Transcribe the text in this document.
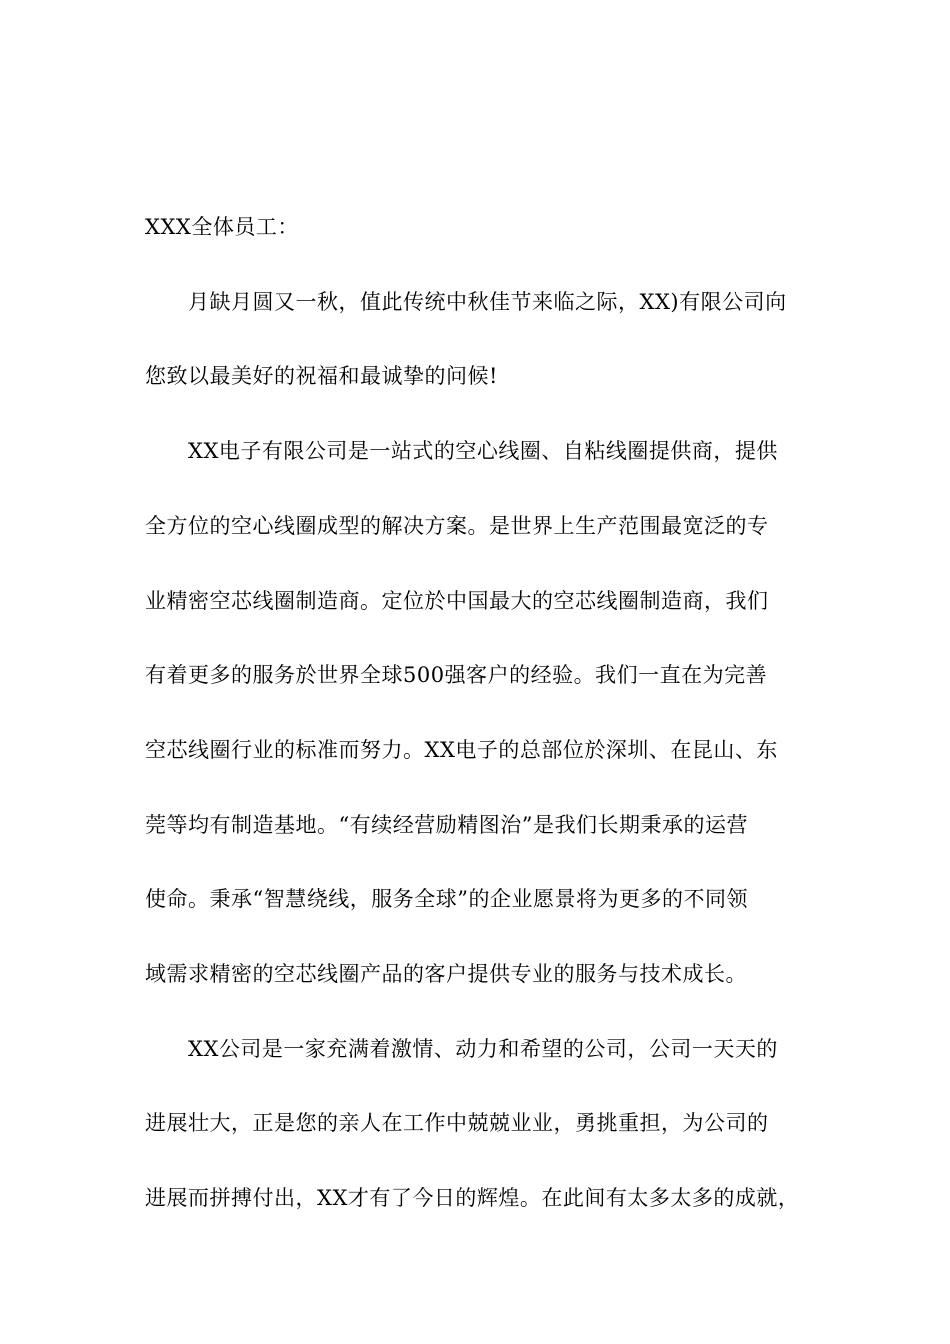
XXX全体员工：
月缺月圆又一秋，值此传统中秋佳节来临之际，XX)有限公司向
您致以最美好的祝福和最诚挚的问候!
XX电子有限公司是一站式的空心线圈、自粘线圈提供商，提供
全方位的空心线圈成型的解决方案。是世界上生产范围最宽泛的专
业精密空芯线圈制造商。定位於中国最大的空芯线圈制造商，我们
有着更多的服务於世界全球500强客户的经验。我们一直在为完善
空芯线圈行业的标准而努力。XX电子的总部位於深圳、在昆山、东
莞等均有制造基地。“有续经营励精图治”是我们长期秉承的运营
使命。秉承“智慧绕线，服务全球”的企业愿景将为更多的不同领
域需求精密的空芯线圈产品的客户提供专业的服务与技术成长。
XX公司是一家充满着激情、动力和希望的公司，公司一天天的
进展壮大，正是您的亲人在工作中兢兢业业，勇挑重担，为公司的
进展而拼搏付出，XX才有了今日的辉煌。在此间有太多太多的成就，
